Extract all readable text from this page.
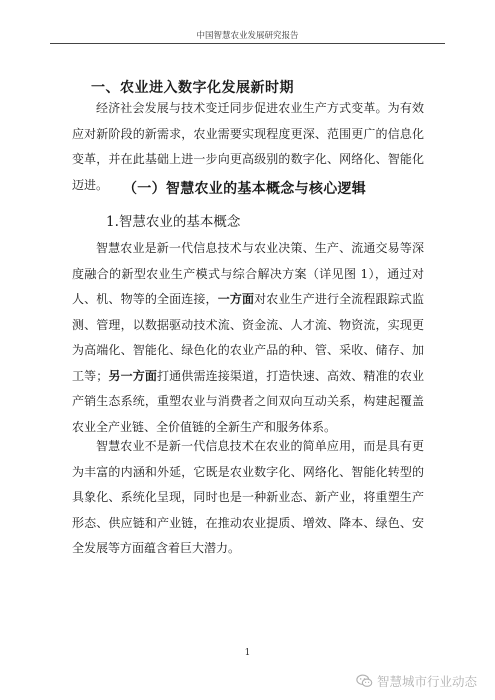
中国智慧农业发展研究报告
一、农业进入数字化发展新时期

经济社会发展与技术变迁同步促进农业生产方式变革。为有效应对新阶段的新需求，农业需要实现程度更深、范围更广的信息化变革，并在此基础上进一步向更高级别的数字化、网络化、智能化迈进。	（一）智慧农业的基本概念与核心逻辑
1.智慧农业的基本概念

智慧农业是新一代信息技术与农业决策、生产、流通交易等深度融合的新型农业生产模式与综合解决方案（详见图 1），通过对人、机、物等的全面连接，一方面对农业生产进行全流程跟踪式监测、管理，以数据驱动技术流、资金流、人才流、物资流，实现更为高端化、智能化、绿色化的农业产品的种、管、采收、储存、加工等；另一方面打通供需连接渠道，打造快速、高效、精准的农业产销生态系统，重塑农业与消费者之间双向互动关系，构建起覆盖农业全产业链、全价值链的全新生产和服务体系。

智慧农业不是新一代信息技术在农业的简单应用，而是具有更为丰富的内涵和外延，它既是农业数字化、网络化、智能化转型的具象化、系统化呈现，同时也是一种新业态、新产业，将重塑生产形态、供应链和产业链，在推动农业提质、增效、降本、绿色、安全发展等方面蕴含着巨大潜力。

1
智慧城市行业动态
